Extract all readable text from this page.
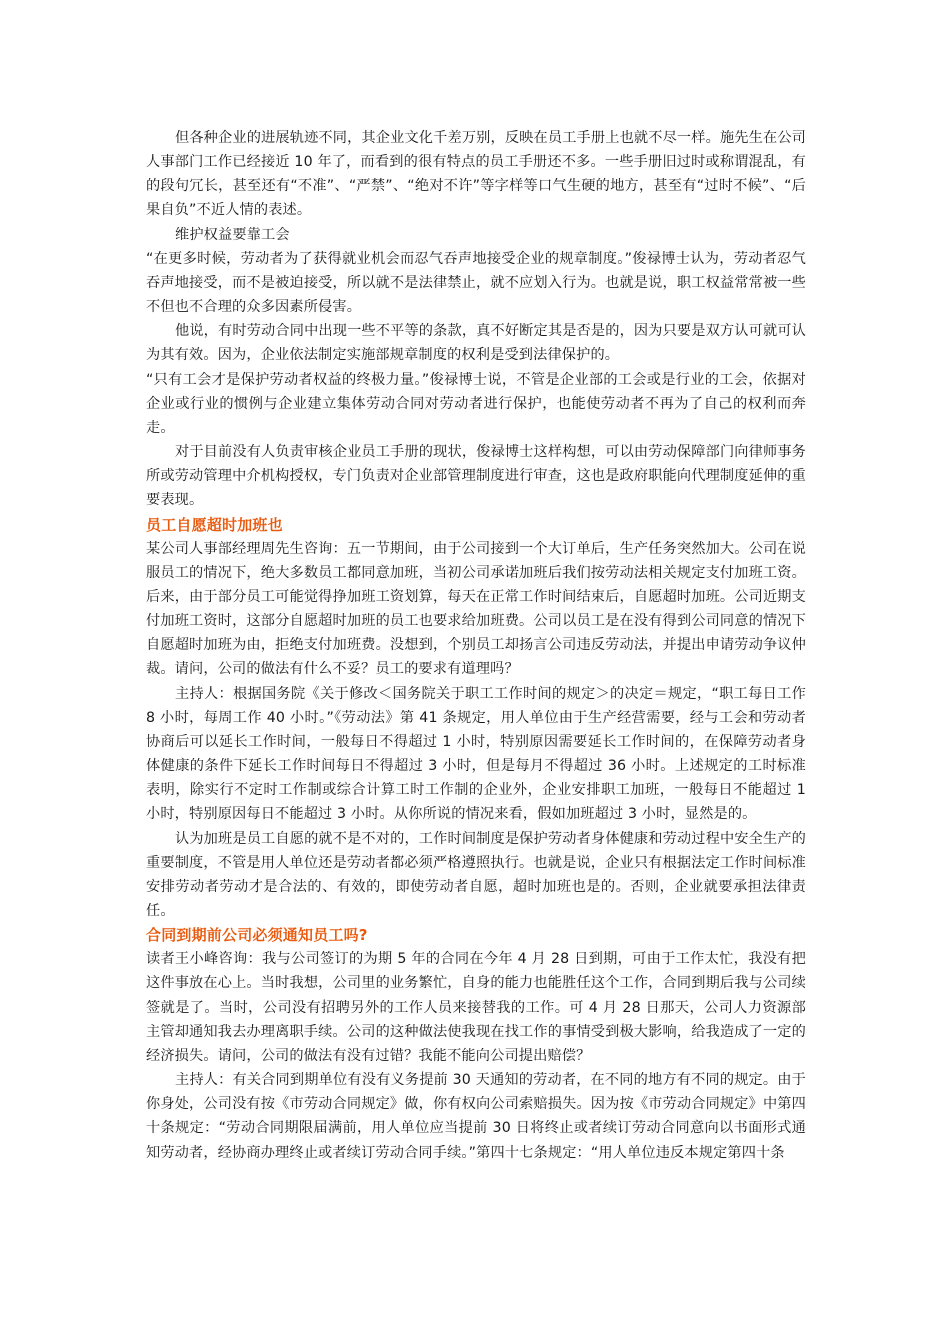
但各种企业的进展轨迹不同，其企业文化千差万别，反映在员工手册上也就不尽一样。施先生在公司人事部门工作已经接近 10 年了，而看到的很有特点的员工手册还不多。一些手册旧过时或称谓混乱，有的段句冗长，甚至还有“不准”、“严禁”、“绝对不许”等字样等口气生硬的地方，甚至有“过时不候”、“后果自负”不近人情的表述。

维护权益要靠工会

“在更多时候，劳动者为了获得就业机会而忍气吞声地接受企业的规章制度。”俊禄博士认为，劳动者忍气吞声地接受，而不是被迫接受，所以就不是法律禁止，就不应划入行为。也就是说，职工权益常常被一些不但也不合理的众多因素所侵害。

他说，有时劳动合同中出现一些不平等的条款，真不好断定其是否是的，因为只要是双方认可就可认为其有效。因为，企业依法制定实施部规章制度的权利是受到法律保护的。

“只有工会才是保护劳动者权益的终极力量。”俊禄博士说，不管是企业部的工会或是行业的工会，依据对企业或行业的惯例与企业建立集体劳动合同对劳动者进行保护，也能使劳动者不再为了自己的权利而奔走。

对于目前没有人负责审核企业员工手册的现状，俊禄博士这样构想，可以由劳动保障部门向律师事务所或劳动管理中介机构授权，专门负责对企业部管理制度进行审查，这也是政府职能向代理制度延伸的重要表现。

员工自愿超时加班也

某公司人事部经理周先生咨询：五一节期间，由于公司接到一个大订单后，生产任务突然加大。公司在说服员工的情况下，绝大多数员工都同意加班，当初公司承诺加班后我们按劳动法相关规定支付加班工资。后来，由于部分员工可能觉得挣加班工资划算，每天在正常工作时间结束后，自愿超时加班。公司近期支付加班工资时，这部分自愿超时加班的员工也要求给加班费。公司以员工是在没有得到公司同意的情况下自愿超时加班为由，拒绝支付加班费。没想到，个别员工却扬言公司违反劳动法，并提出申请劳动争议仲裁。请问，公司的做法有什么不妥？员工的要求有道理吗？

主持人：根据国务院《关于修改＜国务院关于职工工作时间的规定＞的决定＝规定，“职工每日工作 8 小时，每周工作 40 小时。”《劳动法》第 41 条规定，用人单位由于生产经营需要，经与工会和劳动者协商后可以延长工作时间，一般每日不得超过 1 小时，特别原因需要延长工作时间的，在保障劳动者身体健康的条件下延长工作时间每日不得超过 3 小时，但是每月不得超过 36 小时。上述规定的工时标准表明，除实行不定时工作制或综合计算工时工作制的企业外，企业安排职工加班，一般每日不能超过 1 小时，特别原因每日不能超过 3 小时。从你所说的情况来看，假如加班超过 3 小时，显然是的。

认为加班是员工自愿的就不是不对的，工作时间制度是保护劳动者身体健康和劳动过程中安全生产的重要制度，不管是用人单位还是劳动者都必须严格遵照执行。也就是说，企业只有根据法定工作时间标准安排劳动者劳动才是合法的、有效的，即使劳动者自愿，超时加班也是的。否则，企业就要承担法律责任。

合同到期前公司必须通知员工吗?

读者王小峰咨询：我与公司签订的为期 5 年的合同在今年 4 月 28 日到期，可由于工作太忙，我没有把这件事放在心上。当时我想，公司里的业务繁忙，自身的能力也能胜任这个工作，合同到期后我与公司续签就是了。当时，公司没有招聘另外的工作人员来接替我的工作。可 4 月 28 日那天，公司人力资源部主管却通知我去办理离职手续。公司的这种做法使我现在找工作的事情受到极大影响，给我造成了一定的经济损失。请问，公司的做法有没有过错？我能不能向公司提出赔偿？

主持人：有关合同到期单位有没有义务提前 30 天通知的劳动者，在不同的地方有不同的规定。由于你身处，公司没有按《市劳动合同规定》做，你有权向公司索赔损失。因为按《市劳动合同规定》中第四十条规定：“劳动合同期限届满前，用人单位应当提前 30 日将终止或者续订劳动合同意向以书面形式通知劳动者，经协商办理终止或者续订劳动合同手续。”第四十七条规定：“用人单位违反本规定第四十条
